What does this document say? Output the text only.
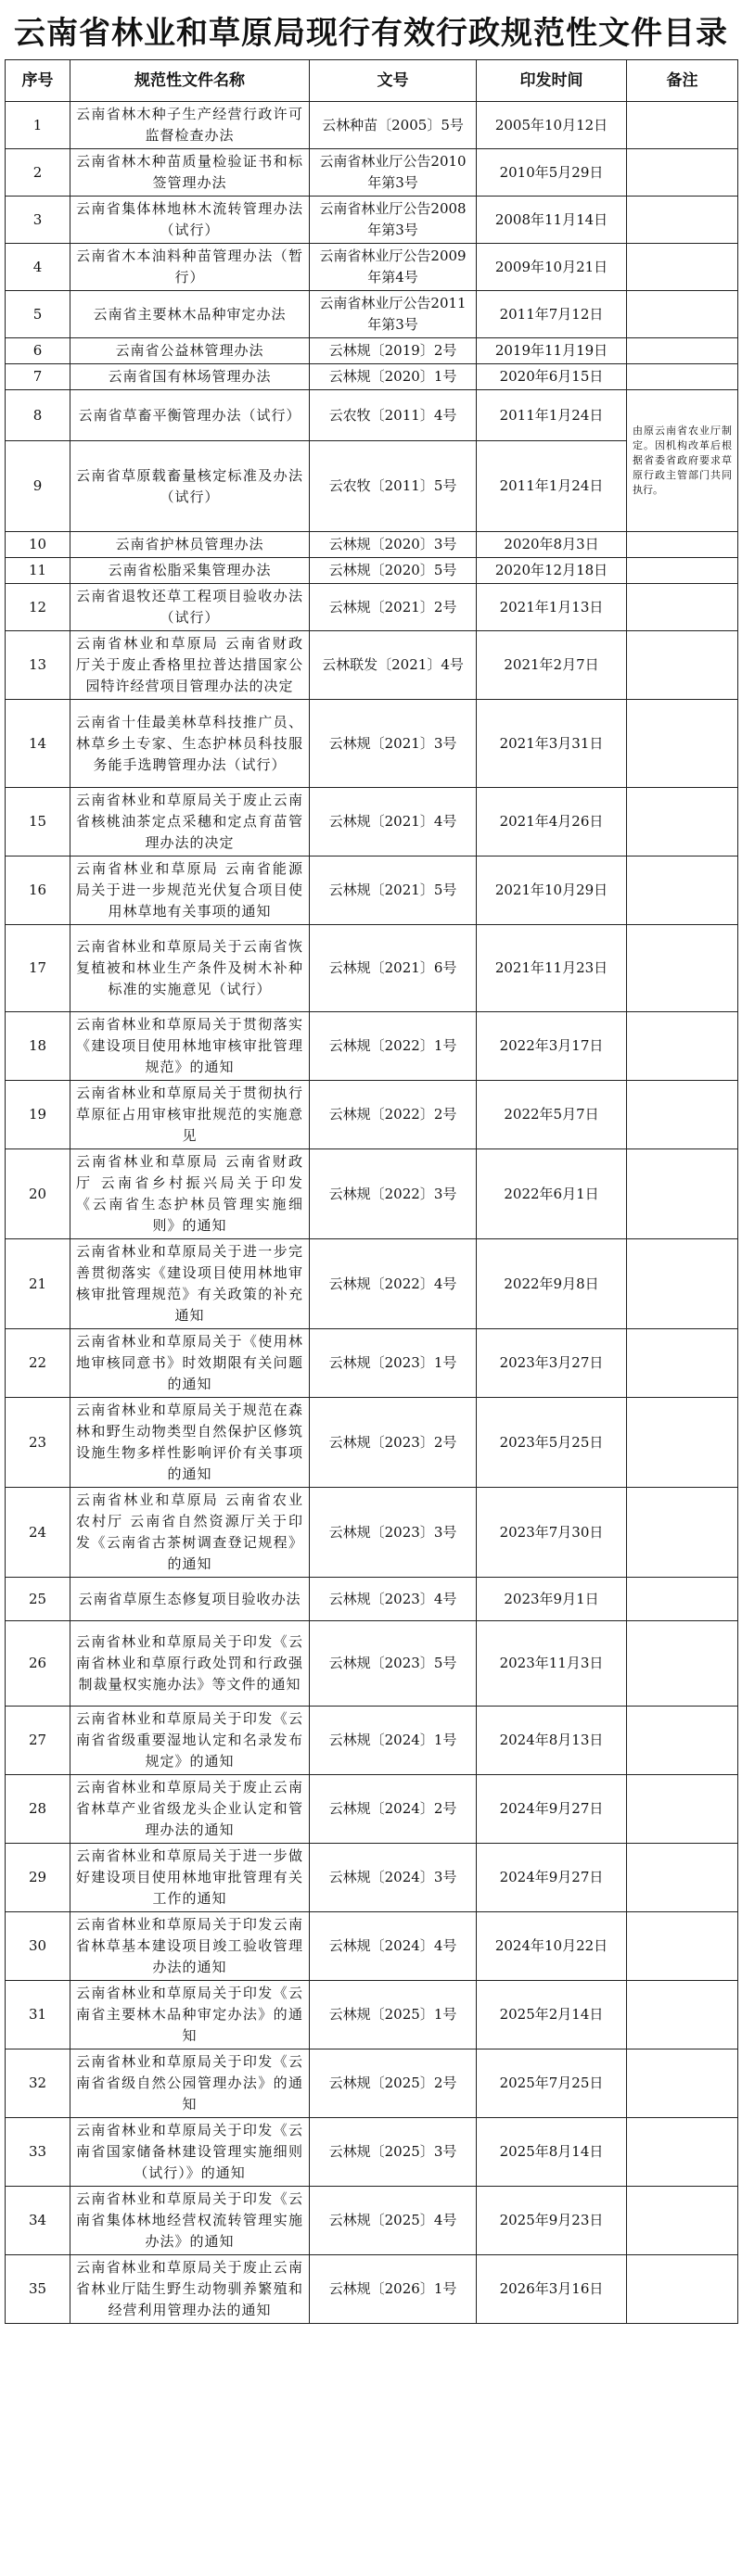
云南省林业和草原局现行有效行政规范性文件目录
序号	规范性文件名称	文号	印发时间	备注
1	云南省林木种子生产经营行政许可监督检查办法	云林种苗〔2005〕5号	2005年10月12日	
2	云南省林木种苗质量检验证书和标签管理办法	云南省林业厅公告2010年第3号	2010年5月29日	
3	云南省集体林地林木流转管理办法（试行）	云南省林业厅公告2008年第3号	2008年11月14日	
4	云南省木本油料种苗管理办法（暂行）	云南省林业厅公告2009年第4号	2009年10月21日	
5	云南省主要林木品种审定办法	云南省林业厅公告2011年第3号	2011年7月12日	
6	云南省公益林管理办法	云林规〔2019〕2号	2019年11月19日	
7	云南省国有林场管理办法	云林规〔2020〕1号	2020年6月15日	
8	云南省草畜平衡管理办法（试行）	云农牧〔2011〕4号	2011年1月24日	由原云南省农业厅制定。因机构改革后根据省委省政府要求草原行政主管部门共同执行。
9	云南省草原载畜量核定标准及办法（试行）	云农牧〔2011〕5号	2011年1月24日	
10	云南省护林员管理办法	云林规〔2020〕3号	2020年8月3日	
11	云南省松脂采集管理办法	云林规〔2020〕5号	2020年12月18日	
12	云南省退牧还草工程项目验收办法（试行）	云林规〔2021〕2号	2021年1月13日	
13	云南省林业和草原局 云南省财政厅关于废止香格里拉普达措国家公园特许经营项目管理办法的决定	云林联发〔2021〕4号	2021年2月7日	
14	云南省十佳最美林草科技推广员、林草乡土专家、生态护林员科技服务能手选聘管理办法（试行）	云林规〔2021〕3号	2021年3月31日	
15	云南省林业和草原局关于废止云南省核桃油茶定点采穗和定点育苗管理办法的决定	云林规〔2021〕4号	2021年4月26日	
16	云南省林业和草原局 云南省能源局关于进一步规范光伏复合项目使用林草地有关事项的通知	云林规〔2021〕5号	2021年10月29日	
17	云南省林业和草原局关于云南省恢复植被和林业生产条件及树木补种标准的实施意见（试行）	云林规〔2021〕6号	2021年11月23日	
18	云南省林业和草原局关于贯彻落实《建设项目使用林地审核审批管理规范》的通知	云林规〔2022〕1号	2022年3月17日	
19	云南省林业和草原局关于贯彻执行草原征占用审核审批规范的实施意见	云林规〔2022〕2号	2022年5月7日	
20	云南省林业和草原局 云南省财政厅 云南省乡村振兴局关于印发《云南省生态护林员管理实施细则》的通知	云林规〔2022〕3号	2022年6月1日	
21	云南省林业和草原局关于进一步完善贯彻落实《建设项目使用林地审核审批管理规范》有关政策的补充通知	云林规〔2022〕4号	2022年9月8日	
22	云南省林业和草原局关于《使用林地审核同意书》时效期限有关问题的通知	云林规〔2023〕1号	2023年3月27日	
23	云南省林业和草原局关于规范在森林和野生动物类型自然保护区修筑设施生物多样性影响评价有关事项的通知	云林规〔2023〕2号	2023年5月25日	
24	云南省林业和草原局 云南省农业农村厅 云南省自然资源厅关于印发《云南省古茶树调查登记规程》的通知	云林规〔2023〕3号	2023年7月30日	
25	云南省草原生态修复项目验收办法	云林规〔2023〕4号	2023年9月1日	
26	云南省林业和草原局关于印发《云南省林业和草原行政处罚和行政强制裁量权实施办法》等文件的通知	云林规〔2023〕5号	2023年11月3日	
27	云南省林业和草原局关于印发《云南省省级重要湿地认定和名录发布规定》的通知	云林规〔2024〕1号	2024年8月13日	
28	云南省林业和草原局关于废止云南省林草产业省级龙头企业认定和管理办法的通知	云林规〔2024〕2号	2024年9月27日	
29	云南省林业和草原局关于进一步做好建设项目使用林地审批管理有关工作的通知	云林规〔2024〕3号	2024年9月27日	
30	云南省林业和草原局关于印发云南省林草基本建设项目竣工验收管理办法的通知	云林规〔2024〕4号	2024年10月22日	
31	云南省林业和草原局关于印发《云南省主要林木品种审定办法》的通知	云林规〔2025〕1号	2025年2月14日	
32	云南省林业和草原局关于印发《云南省省级自然公园管理办法》的通知	云林规〔2025〕2号	2025年7月25日	
33	云南省林业和草原局关于印发《云南省国家储备林建设管理实施细则（试行）》的通知	云林规〔2025〕3号	2025年8月14日	
34	云南省林业和草原局关于印发《云南省集体林地经营权流转管理实施办法》的通知	云林规〔2025〕4号	2025年9月23日	
35	云南省林业和草原局关于废止云南省林业厅陆生野生动物驯养繁殖和经营利用管理办法的通知	云林规〔2026〕1号	2026年3月16日	
